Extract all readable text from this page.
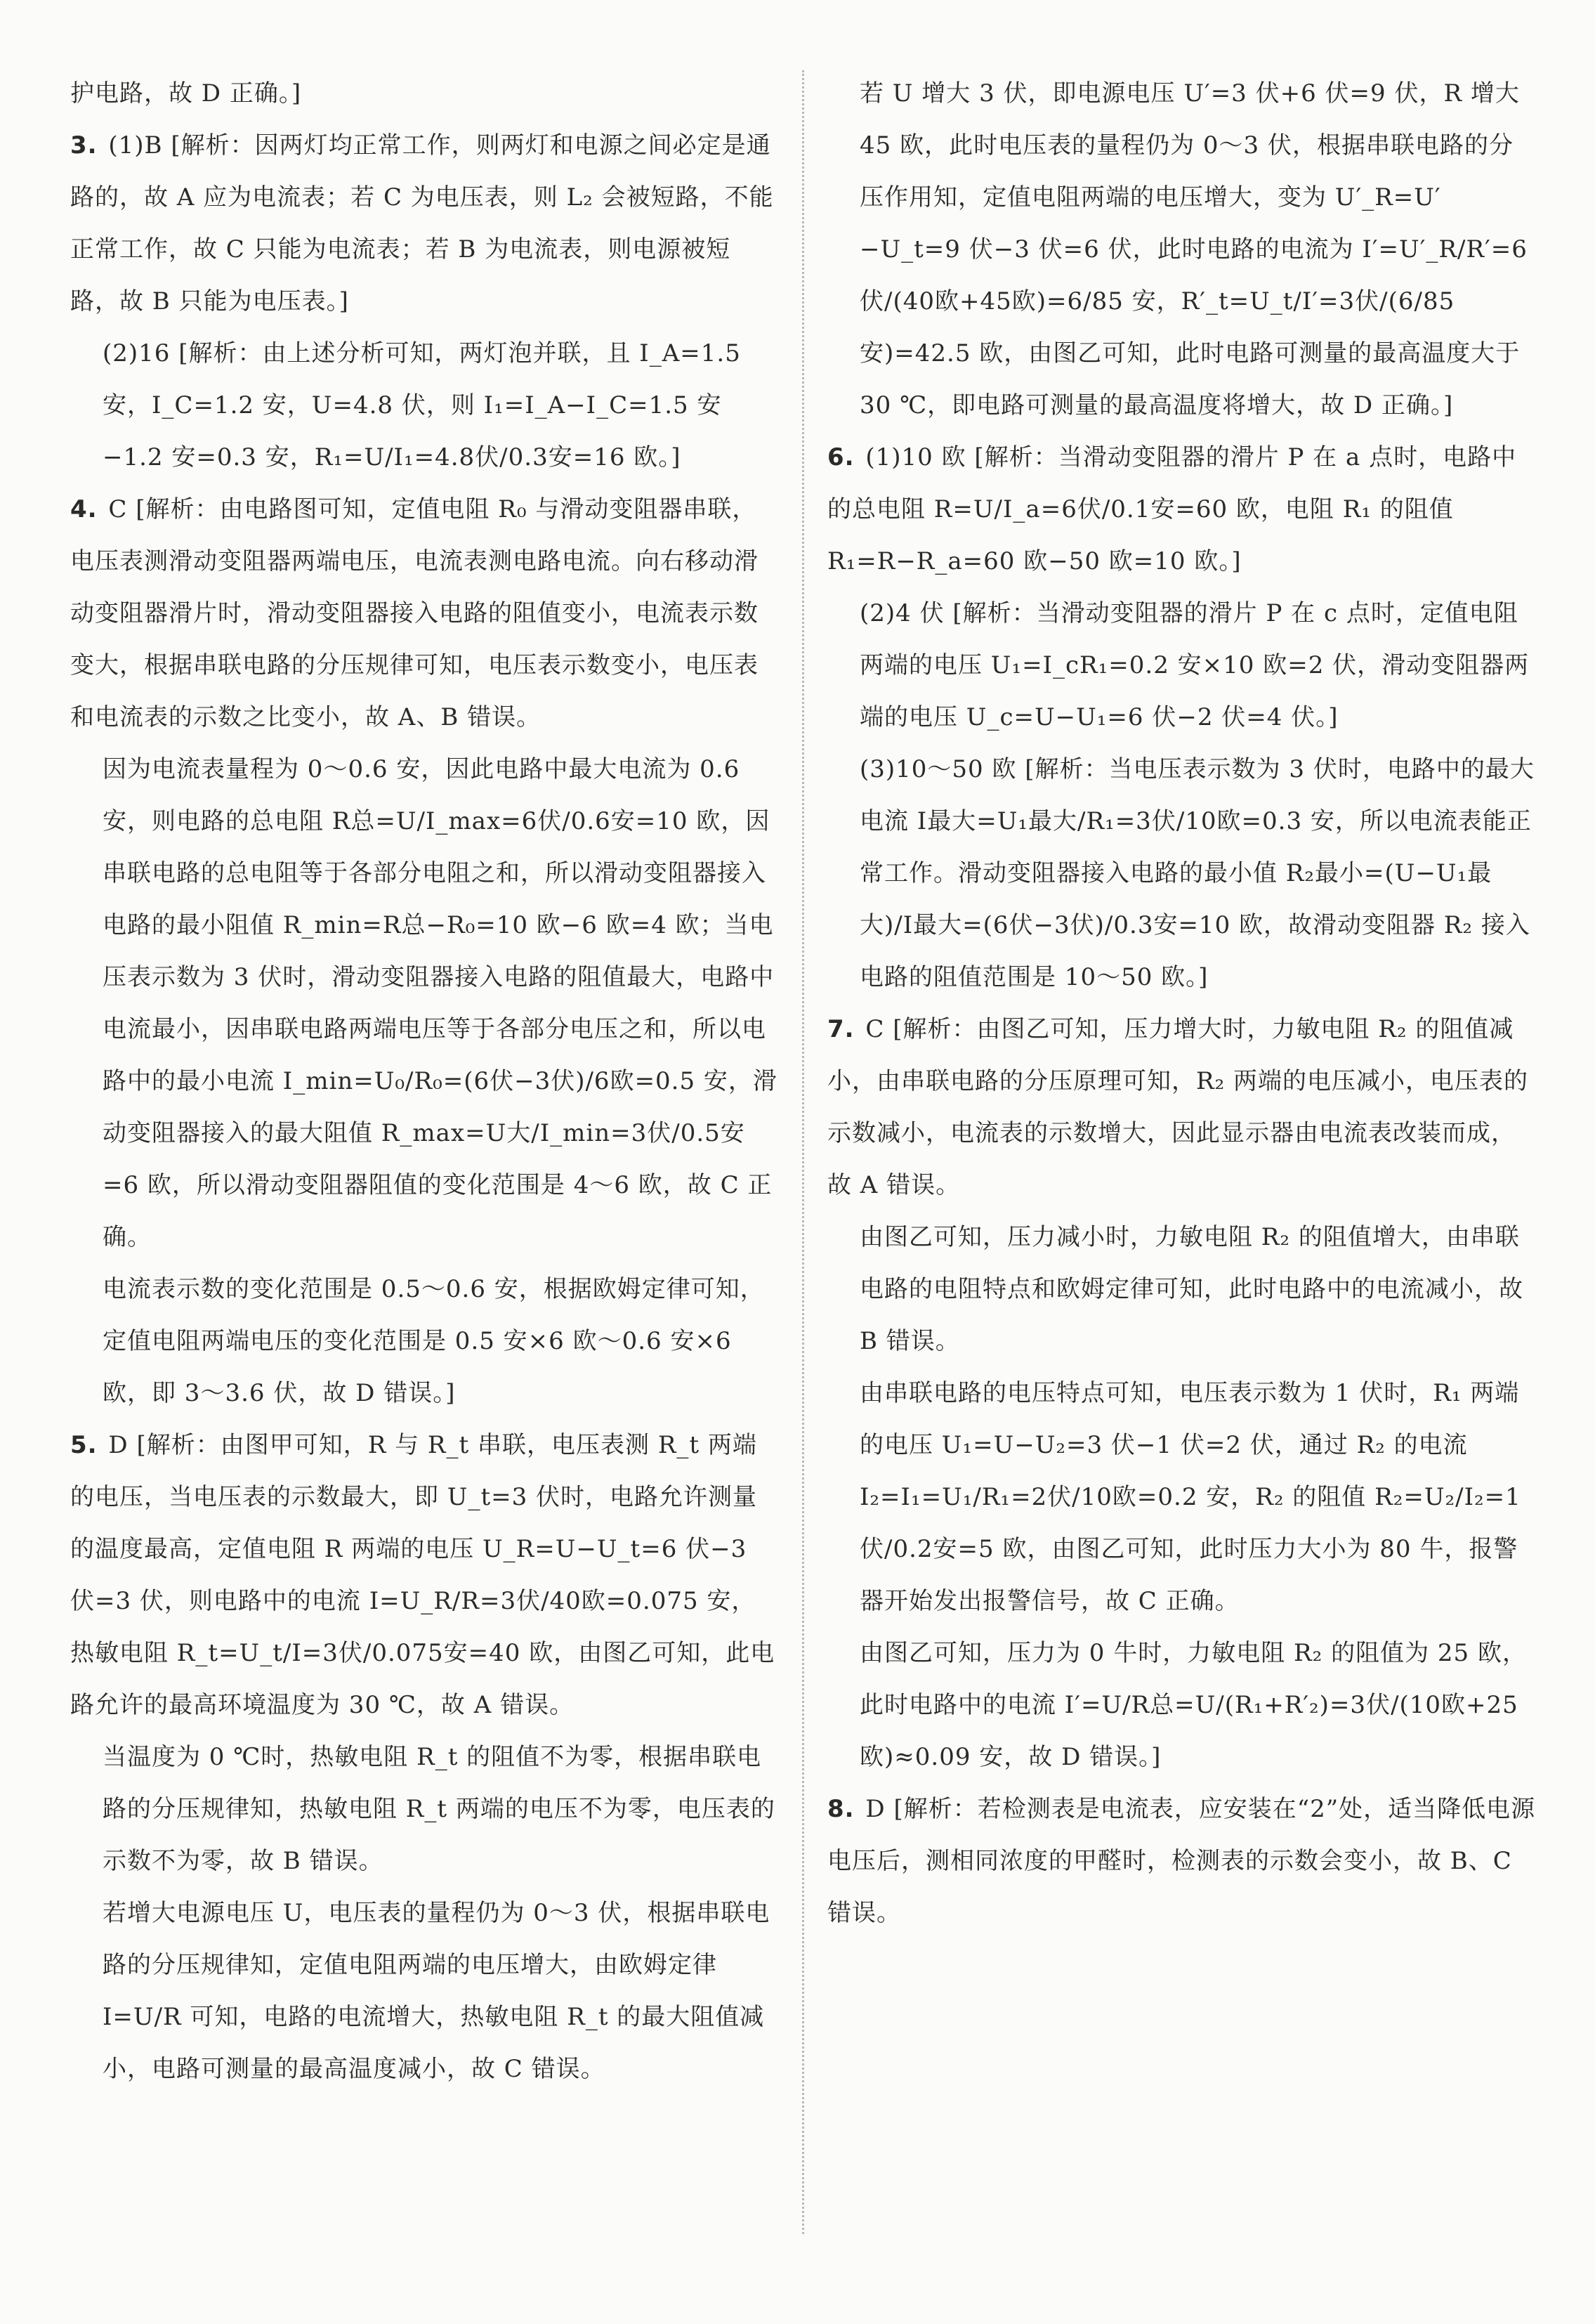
护电路，故 D 正确。]

3. (1)B [解析：因两灯均正常工作，则两灯和电源之间必定是通路的，故 A 应为电流表；若 C 为电压表，则 L₂ 会被短路，不能正常工作，故 C 只能为电流表；若 B 为电流表，则电源被短路，故 B 只能为电压表。]

(2)16 [解析：由上述分析可知，两灯泡并联，且 I_A=1.5 安，I_C=1.2 安，U=4.8 伏，则 I₁=I_A−I_C=1.5 安−1.2 安=0.3 安，R₁=U/I₁=4.8伏/0.3安=16 欧。]

4. C [解析：由电路图可知，定值电阻 R₀ 与滑动变阻器串联，电压表测滑动变阻器两端电压，电流表测电路电流。向右移动滑动变阻器滑片时，滑动变阻器接入电路的阻值变小，电流表示数变大，根据串联电路的分压规律可知，电压表示数变小，电压表和电流表的示数之比变小，故 A、B 错误。

因为电流表量程为 0～0.6 安，因此电路中最大电流为 0.6 安，则电路的总电阻 R总=U/I_max=6伏/0.6安=10 欧，因串联电路的总电阻等于各部分电阻之和，所以滑动变阻器接入电路的最小阻值 R_min=R总−R₀=10 欧−6 欧=4 欧；当电压表示数为 3 伏时，滑动变阻器接入电路的阻值最大，电路中电流最小，因串联电路两端电压等于各部分电压之和，所以电路中的最小电流 I_min=U₀/R₀=(6伏−3伏)/6欧=0.5 安，滑动变阻器接入的最大阻值 R_max=U大/I_min=3伏/0.5安=6 欧，所以滑动变阻器阻值的变化范围是 4～6 欧，故 C 正确。

电流表示数的变化范围是 0.5～0.6 安，根据欧姆定律可知，定值电阻两端电压的变化范围是 0.5 安×6 欧～0.6 安×6 欧，即 3～3.6 伏，故 D 错误。]

5. D [解析：由图甲可知，R 与 R_t 串联，电压表测 R_t 两端的电压，当电压表的示数最大，即 U_t=3 伏时，电路允许测量的温度最高，定值电阻 R 两端的电压 U_R=U−U_t=6 伏−3 伏=3 伏，则电路中的电流 I=U_R/R=3伏/40欧=0.075 安，热敏电阻 R_t=U_t/I=3伏/0.075安=40 欧，由图乙可知，此电路允许的最高环境温度为 30 ℃，故 A 错误。

当温度为 0 ℃时，热敏电阻 R_t 的阻值不为零，根据串联电路的分压规律知，热敏电阻 R_t 两端的电压不为零，电压表的示数不为零，故 B 错误。

若增大电源电压 U，电压表的量程仍为 0～3 伏，根据串联电路的分压规律知，定值电阻两端的电压增大，由欧姆定律 I=U/R 可知，电路的电流增大，热敏电阻 R_t 的最大阻值减小，电路可测量的最高温度减小，故 C 错误。

若 U 增大 3 伏，即电源电压 U′=3 伏+6 伏=9 伏，R 增大 45 欧，此时电压表的量程仍为 0～3 伏，根据串联电路的分压作用知，定值电阻两端的电压增大，变为 U′_R=U′−U_t=9 伏−3 伏=6 伏，此时电路的电流为 I′=U′_R/R′=6伏/(40欧+45欧)=6/85 安，R′_t=U_t/I′=3伏/(6/85安)=42.5 欧，由图乙可知，此时电路可测量的最高温度大于 30 ℃，即电路可测量的最高温度将增大，故 D 正确。]

6. (1)10 欧 [解析：当滑动变阻器的滑片 P 在 a 点时，电路中的总电阻 R=U/I_a=6伏/0.1安=60 欧，电阻 R₁ 的阻值 R₁=R−R_a=60 欧−50 欧=10 欧。]

(2)4 伏 [解析：当滑动变阻器的滑片 P 在 c 点时，定值电阻两端的电压 U₁=I_cR₁=0.2 安×10 欧=2 伏，滑动变阻器两端的电压 U_c=U−U₁=6 伏−2 伏=4 伏。]

(3)10～50 欧 [解析：当电压表示数为 3 伏时，电路中的最大电流 I最大=U₁最大/R₁=3伏/10欧=0.3 安，所以电流表能正常工作。滑动变阻器接入电路的最小值 R₂最小=(U−U₁最大)/I最大=(6伏−3伏)/0.3安=10 欧，故滑动变阻器 R₂ 接入电路的阻值范围是 10～50 欧。]

7. C [解析：由图乙可知，压力增大时，力敏电阻 R₂ 的阻值减小，由串联电路的分压原理可知，R₂ 两端的电压减小，电压表的示数减小，电流表的示数增大，因此显示器由电流表改装而成，故 A 错误。

由图乙可知，压力减小时，力敏电阻 R₂ 的阻值增大，由串联电路的电阻特点和欧姆定律可知，此时电路中的电流减小，故 B 错误。

由串联电路的电压特点可知，电压表示数为 1 伏时，R₁ 两端的电压 U₁=U−U₂=3 伏−1 伏=2 伏，通过 R₂ 的电流 I₂=I₁=U₁/R₁=2伏/10欧=0.2 安，R₂ 的阻值 R₂=U₂/I₂=1伏/0.2安=5 欧，由图乙可知，此时压力大小为 80 牛，报警器开始发出报警信号，故 C 正确。

由图乙可知，压力为 0 牛时，力敏电阻 R₂ 的阻值为 25 欧，此时电路中的电流 I′=U/R总=U/(R₁+R′₂)=3伏/(10欧+25欧)≈0.09 安，故 D 错误。]

8. D [解析：若检测表是电流表，应安装在“2”处，适当降低电源电压后，测相同浓度的甲醛时，检测表的示数会变小，故 B、C 错误。
